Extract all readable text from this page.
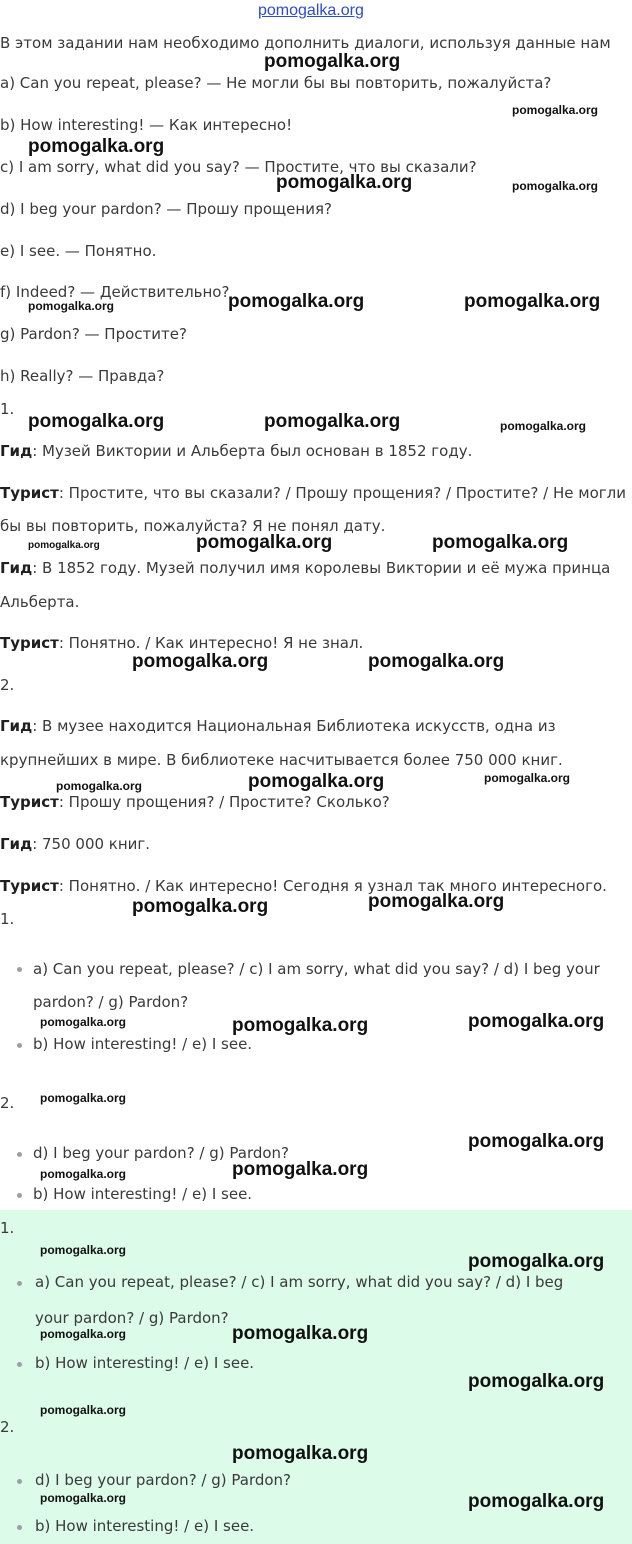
pomogalka.org
В этом задании нам необходимо дополнить диалоги, используя данные нам
a) Can you repeat, please? — Не могли бы вы повторить, пожалуйста?
b) How interesting! — Как интересно!
c) I am sorry, what did you say? — Простите, что вы сказали?
d) I beg your pardon? — Прошу прощения?
e) I see. — Понятно.
f) Indeed? — Действительно?
g) Pardon? — Простите?
h) Really? — Правда?
1.
Гид: Музей Виктории и Альберта был основан в 1852 году.
Турист: Простите, что вы сказали? / Прошу прощения? / Простите? / Не могли
бы вы повторить, пожалуйста? Я не понял дату.
Гид: В 1852 году. Музей получил имя королевы Виктории и её мужа принца
Альберта.
Турист: Понятно. / Как интересно! Я не знал.
2.
Гид: В музее находится Национальная Библиотека искусств, одна из
крупнейших в мире. В библиотеке насчитывается более 750 000 книг.
Турист: Прошу прощения? / Простите? Сколько?
Гид: 750 000 книг.
Турист: Понятно. / Как интересно! Сегодня я узнал так много интересного.
1.
a) Can you repeat, please? / c) I am sorry, what did you say? / d) I beg your
pardon? / g) Pardon?
b) How interesting! / e) I see.
2.
d) I beg your pardon? / g) Pardon?
b) How interesting! / e) I see.
1.
a) Can you repeat, please? / c) I am sorry, what did you say? / d) I beg
your pardon? / g) Pardon?
b) How interesting! / e) I see.
2.
d) I beg your pardon? / g) Pardon?
b) How interesting! / e) I see.
pomogalka.org
pomogalka.org
pomogalka.org
pomogalka.org	pomogalka.org
pomogalka.org	pomogalka.org
pomogalka.org
pomogalka.org	pomogalka.org	pomogalka.org
pomogalka.org	pomogalka.org	pomogalka.org
pomogalka.org	pomogalka.org
pomogalka.org
pomogalka.org
pomogalka.org
pomogalka.org	pomogalka.org
pomogalka.org	pomogalka.org	pomogalka.org
pomogalka.org
pomogalka.org
pomogalka.org	pomogalka.org
pomogalka.org
pomogalka.org
pomogalka.org	pomogalka.org
pomogalka.org
pomogalka.org
pomogalka.org
pomogalka.org	pomogalka.org
